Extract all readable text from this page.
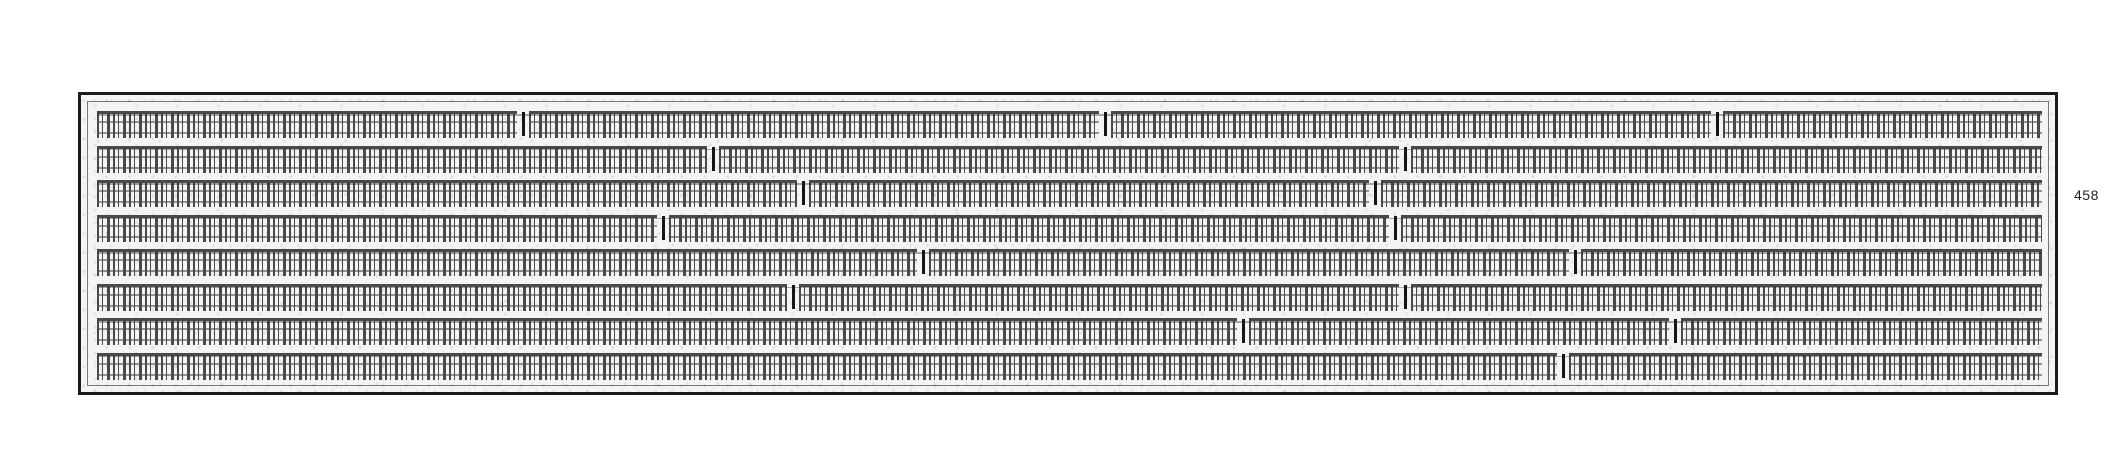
458
